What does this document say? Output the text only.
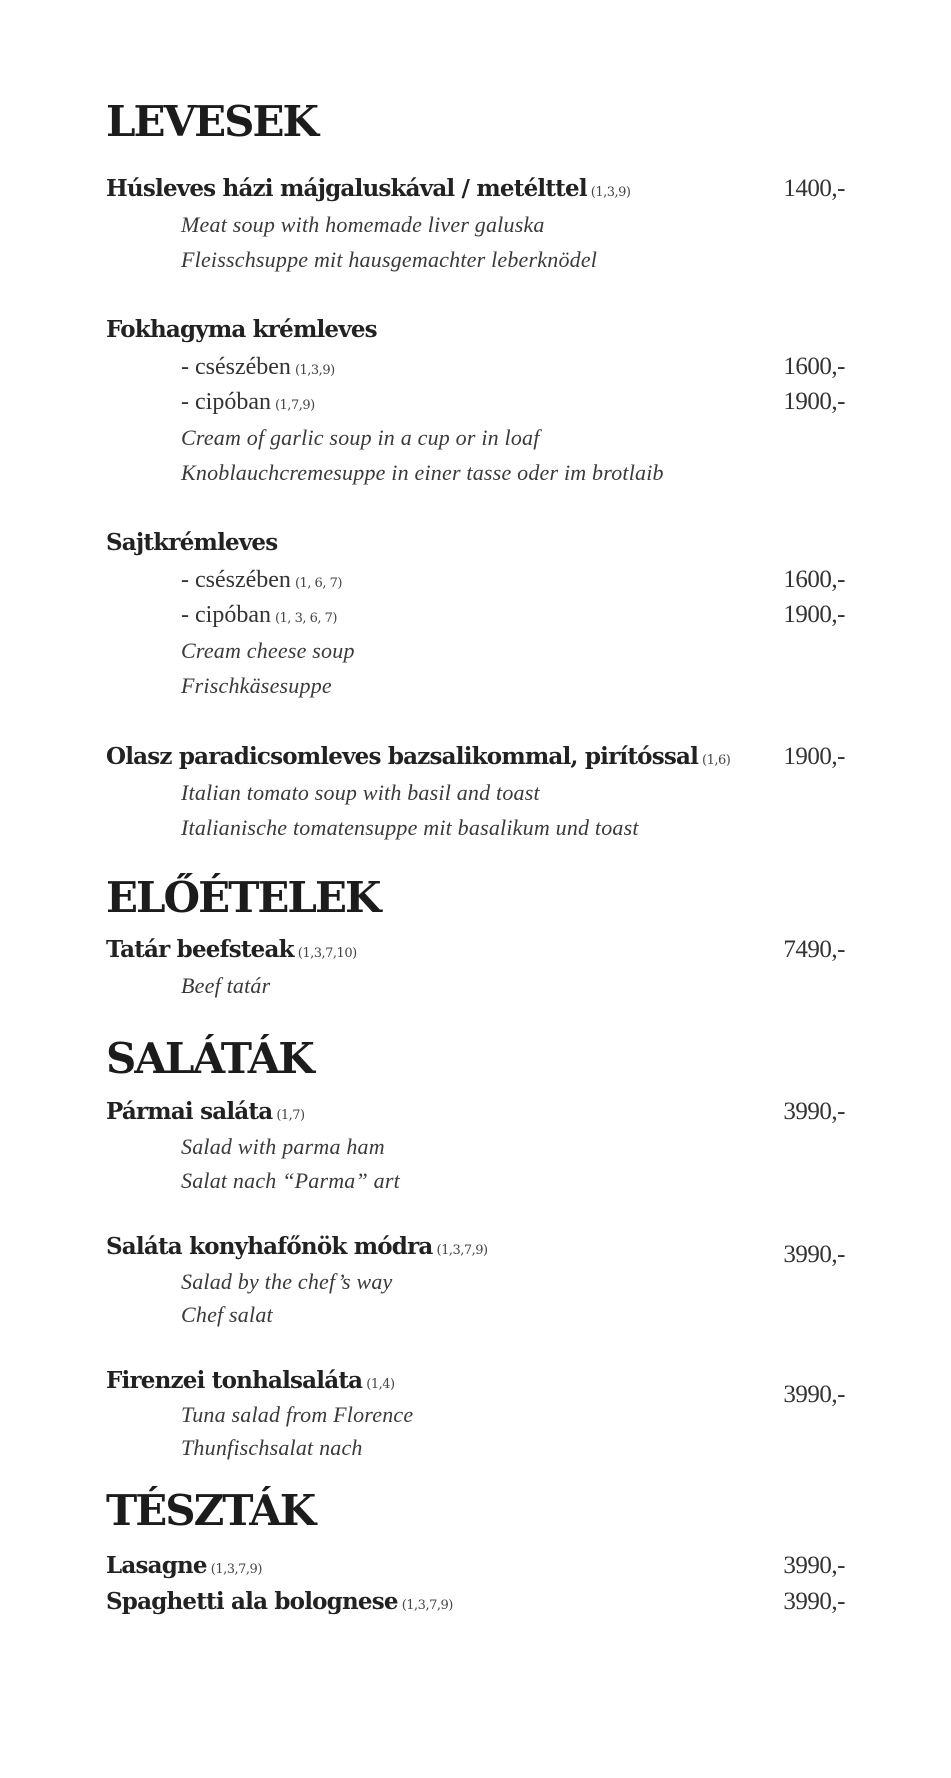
LEVESEK
Húsleves házi májgaluskával / metélttel (1,3,9)	1400,-
Meat soup with homemade liver galuska
Fleisschsuppe mit hausgemachter leberknödel
Fokhagyma krémleves
- csészében (1,3,9)	1600,-
- cipóban (1,7,9)	1900,-
Cream of garlic soup in a cup or in loaf
Knoblauchcremesuppe in einer tasse oder im brotlaib
Sajtkrémleves
- csészében (1, 6, 7)	1600,-
- cipóban (1, 3, 6, 7)	1900,-
Cream cheese soup
Frischkäsesuppe
Olasz paradicsomleves bazsalikommal, pirítóssal (1,6) 1900,-
Italian tomato soup with basil and toast
Italianische tomatensuppe mit basalikum und toast
ELŐÉTELEK
Tatár beefsteak (1,3,7,10)	7490,-
Beef tatár
SALÁTÁK
Pármai saláta (1,7)	3990,-
Salad with parma ham
Salat nach “Parma” art
Saláta konyhafőnök módra (1,3,7,9)	3990,-
Salad by the chef’s way
Chef salat
Firenzei tonhalsaláta (1,4)	3990,-
Tuna salad from Florence
Thunfischsalat nach
TÉSZTÁK
Lasagne (1,3,7,9)	3990,-
Spaghetti ala bolognese (1,3,7,9)	3990,-
